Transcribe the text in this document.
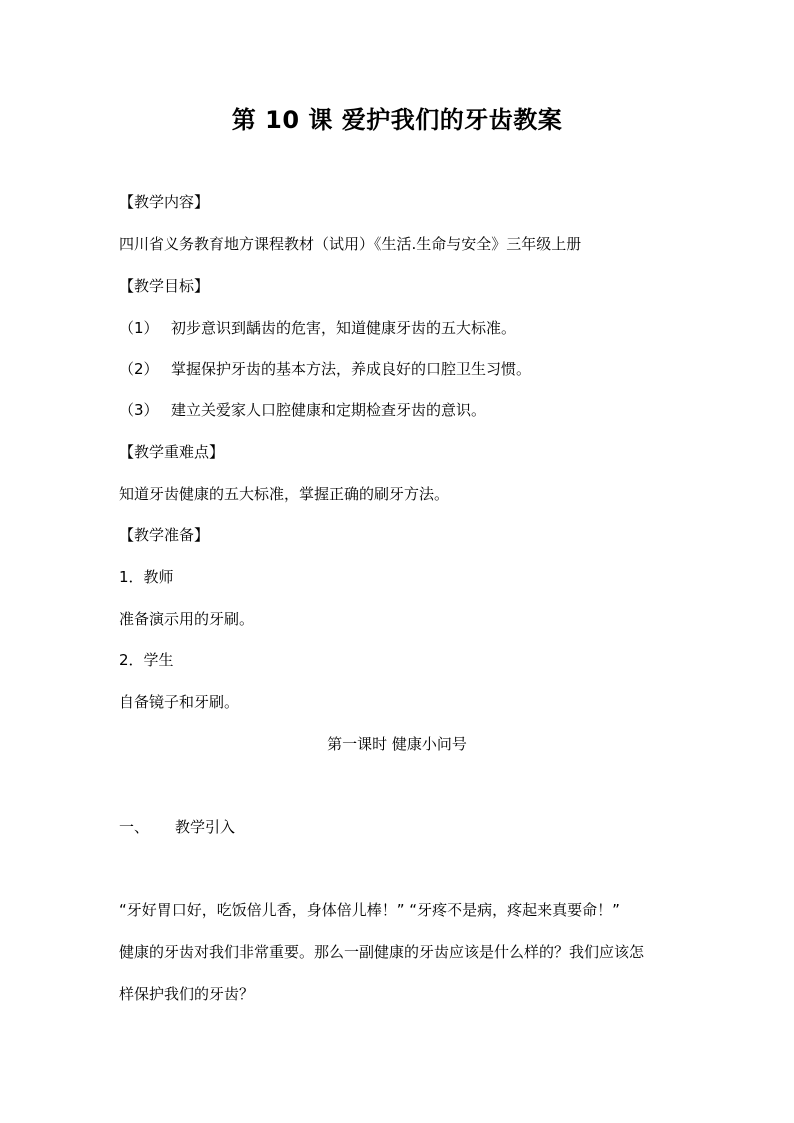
第 10 课 爱护我们的牙齿教案
【教学内容】
四川省义务教育地方课程教材（试用）《生活.生命与安全》三年级上册
【教学目标】
（1） 初步意识到龋齿的危害，知道健康牙齿的五大标准。
（2） 掌握保护牙齿的基本方法，养成良好的口腔卫生习惯。
（3） 建立关爱家人口腔健康和定期检查牙齿的意识。
【教学重难点】
知道牙齿健康的五大标准，掌握正确的刷牙方法。
【教学准备】
1．教师
准备演示用的牙刷。
2．学生
自备镜子和牙刷。
第一课时 健康小问号
一、 教学引入
“牙好胃口好，吃饭倍儿香，身体倍儿棒！” “牙疼不是病，疼起来真要命！”
健康的牙齿对我们非常重要。那么一副健康的牙齿应该是什么样的？我们应该怎
样保护我们的牙齿？
